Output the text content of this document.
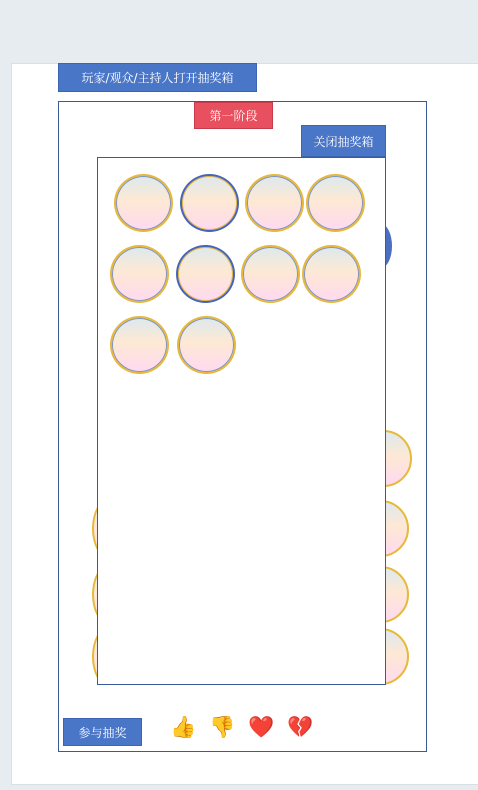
玩家/观众/主持人打开抽奖箱
第一阶段
关闭抽奖箱
参与抽奖	👍 👎 ❤️ 💔
